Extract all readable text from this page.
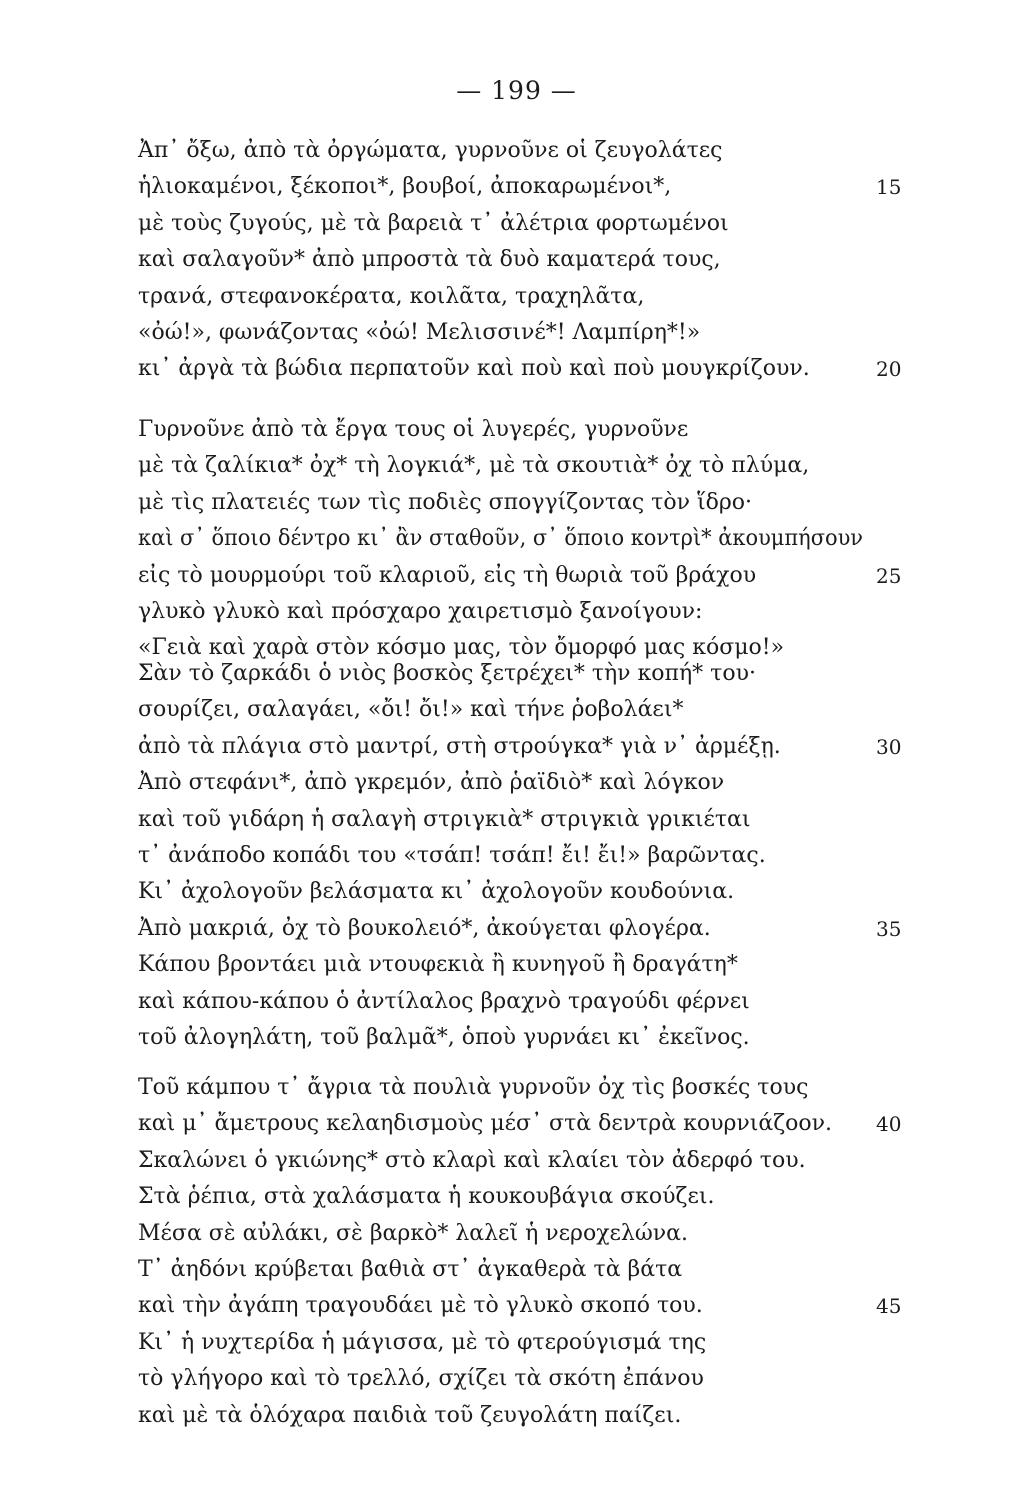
— 199 —
Ἀπ᾽ ὄξω, ἀπὸ τὰ ὀργώματα, γυρνοῦνε οἱ ζευγολάτες
ἡλιοκαμένοι, ξέκοποι*, βουβοί, ἀποκαρωμένοι*,	15
μὲ τοὺς ζυγούς, μὲ τὰ βαρειὰ τ᾽ ἀλέτρια φορτωμένοι
καὶ σαλαγοῦν* ἀπὸ μπροστὰ τὰ δυὸ καματερά τους,
τρανά, στεφανοκέρατα, κοιλᾶτα, τραχηλᾶτα,
«ὀώ!», φωνάζοντας «ὀώ! Μελισσινέ*! Λαμπίρη*!»
κι᾽ ἀργὰ τὰ βώδια περπατοῦν καὶ ποὺ καὶ ποὺ μουγκρίζουν.	20
Γυρνοῦνε ἀπὸ τὰ ἔργα τους οἱ λυγερές, γυρνοῦνε
μὲ τὰ ζαλίκια* ὀχ* τὴ λογκιά*, μὲ τὰ σκουτιὰ* ὀχ τὸ πλύμα,
μὲ τὶς πλατειές των τὶς ποδιὲς σπογγίζοντας τὸν ἵδρο·
καὶ σ᾽ ὅποιο δέντρο κι᾽ ἂν σταθοῦν, σ᾽ ὅποιο κοντρὶ* ἀκουμπήσουν
εἰς τὸ μουρμούρι τοῦ κλαριοῦ, εἰς τὴ θωριὰ τοῦ βράχου	25
γλυκὸ γλυκὸ καὶ πρόσχαρο χαιρετισμὸ ξανοίγουν:
«Γειὰ καὶ χαρὰ στὸν κόσμο μας, τὸν ὄμορφό μας κόσμο!»
Σὰν τὸ ζαρκάδι ὁ νιὸς βοσκὸς ξετρέχει* τὴν κοπή* του·
σουρίζει, σαλαγάει, «ὄι! ὄι!» καὶ τήνε ῥοβολάει*
ἀπὸ τὰ πλάγια στὸ μαντρί, στὴ στρούγκα* γιὰ ν᾽ ἀρμέξῃ.	30
Ἀπὸ στεφάνι*, ἀπὸ γκρεμόν, ἀπὸ ῥαϊδιὸ* καὶ λόγκον
καὶ τοῦ γιδάρη ἡ σαλαγὴ στριγκιὰ* στριγκιὰ γρικιέται
τ᾽ ἀνάποδο κοπάδι του «τσάπ! τσάπ! ἔι! ἔι!» βαρῶντας.
Κι᾽ ἀχολογοῦν βελάσματα κι᾽ ἀχολογοῦν κουδούνια.
Ἀπὸ μακριά, ὀχ τὸ βουκολειό*, ἀκούγεται φλογέρα.	35
Κάπου βροντάει μιὰ ντουφεκιὰ ἢ κυνηγοῦ ἢ δραγάτη*
καὶ κάπου-κάπου ὁ ἀντίλαλος βραχνὸ τραγούδι φέρνει
τοῦ ἀλογηλάτη, τοῦ βαλμᾶ*, ὁποὺ γυρνάει κι᾽ ἐκεῖνος.
Τοῦ κάμπου τ᾽ ἄγρια τὰ πουλιὰ γυρνοῦν ὀχ τὶς βοσκές τους
καὶ μ᾽ ἄμετρους κελαηδισμοὺς μέσ᾽ στὰ δεντρὰ κουρνιάζοον. 40
Σκαλώνει ὁ γκιώνης* στὸ κλαρὶ καὶ κλαίει τὸν ἀδερφό του.
Στὰ ῥέπια, στὰ χαλάσματα ἡ κουκουβάγια σκούζει.
Μέσα σὲ αὐλάκι, σὲ βαρκὸ* λαλεῖ ἡ νεροχελώνα.
Τ᾽ ἀηδόνι κρύβεται βαθιὰ στ᾽ ἀγκαθερὰ τὰ βάτα
καὶ τὴν ἀγάπη τραγουδάει μὲ τὸ γλυκὸ σκοπό του.	45
Κι᾽ ἡ νυχτερίδα ἡ μάγισσα, μὲ τὸ φτερούγισμά της
τὸ γλήγορο καὶ τὸ τρελλό, σχίζει τὰ σκότη ἐπάνου
καὶ μὲ τὰ ὁλόχαρα παιδιὰ τοῦ ζευγολάτη παίζει.
